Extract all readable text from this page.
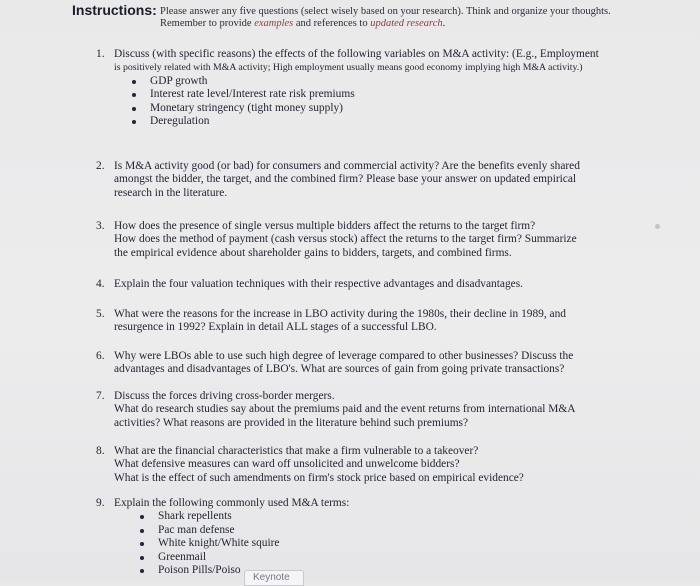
Instructions: Please answer any five questions (select wisely based on your research). Think and organize your thoughts.
Remember to provide examples and references to updated research.
1. Discuss (with specific reasons) the effects of the following variables on M&A activity: (E.g., Employment
is positively related with M&A activity; High employment usually means good economy implying high M&A activity.)
GDP growth
Interest rate level/Interest rate risk premiums
Monetary stringency (tight money supply)
Deregulation
2. Is M&A activity good (or bad) for consumers and commercial activity? Are the benefits evenly shared
amongst the bidder, the target, and the combined firm? Please base your answer on updated empirical
research in the literature.
3. How does the presence of single versus multiple bidders affect the returns to the target firm?
How does the method of payment (cash versus stock) affect the returns to the target firm? Summarize
the empirical evidence about shareholder gains to bidders, targets, and combined firms.
4. Explain the four valuation techniques with their respective advantages and disadvantages.
5. What were the reasons for the increase in LBO activity during the 1980s, their decline in 1989, and
resurgence in 1992? Explain in detail ALL stages of a successful LBO.
6. Why were LBOs able to use such high degree of leverage compared to other businesses? Discuss the
advantages and disadvantages of LBO's. What are sources of gain from going private transactions?
7. Discuss the forces driving cross-border mergers.
What do research studies say about the premiums paid and the event returns from international M&A
activities? What reasons are provided in the literature behind such premiums?
8. What are the financial characteristics that make a firm vulnerable to a takeover?
What defensive measures can ward off unsolicited and unwelcome bidders?
What is the effect of such amendments on firm's stock price based on empirical evidence?
9. Explain the following commonly used M&A terms:
Shark repellents
Pac man defense
White knight/White squire
Greenmail
Poison Pills/Poiso
Keynote
